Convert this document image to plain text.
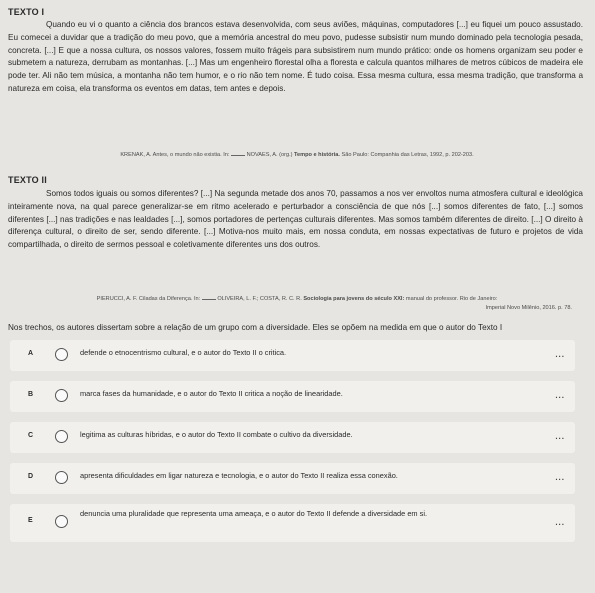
TEXTO I
Quando eu vi o quanto a ciência dos brancos estava desenvolvida, com seus aviões, máquinas, computadores [...] eu fiquei um pouco assustado. Eu comecei a duvidar que a tradição do meu povo, que a memória ancestral do meu povo, pudesse subsistir num mundo dominado pela tecnologia pesada, concreta. [...] E que a nossa cultura, os nossos valores, fossem muito frágeis para subsistirem num mundo prático: onde os homens organizam seu poder e submetem a natureza, derrubam as montanhas. [...] Mas um engenheiro florestal olha a floresta e calcula quantos milhares de metros cúbicos de madeira ele pode ter. Ali não tem música, a montanha não tem humor, e o rio não tem nome. É tudo coisa. Essa mesma cultura, essa mesma tradição, que transforma a natureza em coisa, ela transforma os eventos em datas, tem antes e depois.
KRENAK, A. Antes, o mundo não existia. In:	NOVAES, A. (org.) Tempo e história. São Paulo: Companhia das Letras, 1992, p. 202-203.
TEXTO II
Somos todos iguais ou somos diferentes? [...] Na segunda metade dos anos 70, passamos a nos ver envoltos numa atmosfera cultural e ideológica inteiramente nova, na qual parece generalizar-se em ritmo acelerado e perturbador a consciência de que nós [...] somos diferentes de fato, [...] somos diferentes [...] nas tradições e nas lealdades [...], somos portadores de pertenças culturais diferentes. Mas somos também diferentes de direito. [...] O direito à diferença cultural, o direito de ser, sendo diferente. [...] Motiva-nos muito mais, em nossa conduta, em nossas expectativas de futuro e projetos de vida compartilhada, o direito de sermos pessoal e coletivamente diferentes uns dos outros.
PIERUCCI, A. F. Ciladas da Diferença. In:	OLIVEIRA, L. F.; COSTA, R. C. R. Sociologia para jovens do século XXI: manual do professor. Rio de Janeiro:
Imperial Novo Milênio, 2016. p. 78.
Nos trechos, os autores dissertam sobre a relação de um grupo com a diversidade. Eles se opõem na medida em que o autor do Texto I
A	defende o etnocentrismo cultural, e o autor do Texto II o critica.	...
B	marca fases da humanidade, e o autor do Texto II critica a noção de linearidade.	...
C	legitima as culturas híbridas, e o autor do Texto II combate o cultivo da diversidade.	...
D	apresenta dificuldades em ligar natureza e tecnologia, e o autor do Texto II realiza essa conexão.	...
E
denuncia uma pluralidade que representa uma ameaça, e o autor do Texto II defende a diversidade em si.
...
